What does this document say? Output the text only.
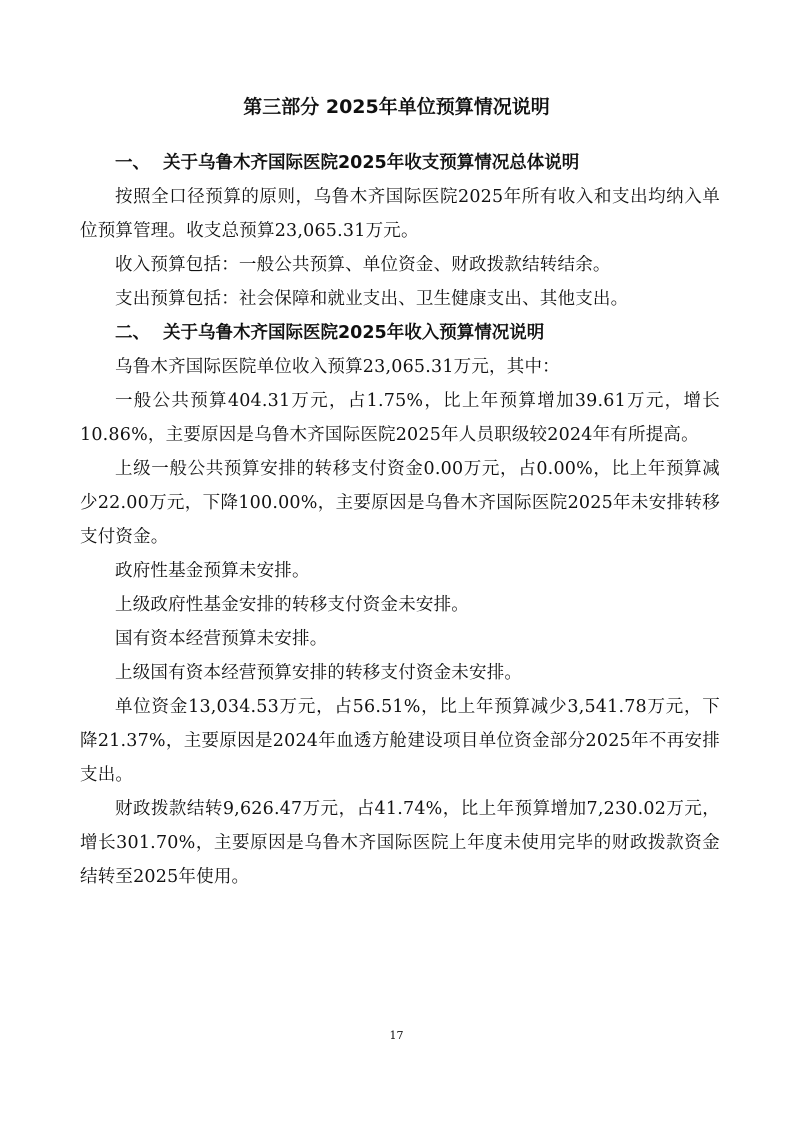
第三部分 2025年单位预算情况说明
一、 关于乌鲁木齐国际医院2025年收支预算情况总体说明

按照全口径预算的原则，乌鲁木齐国际医院2025年所有收入和支出均纳入单位预算管理。收支总预算23,065.31万元。

收入预算包括：一般公共预算、单位资金、财政拨款结转结余。

支出预算包括：社会保障和就业支出、卫生健康支出、其他支出。

二、 关于乌鲁木齐国际医院2025年收入预算情况说明

乌鲁木齐国际医院单位收入预算23,065.31万元，其中：

一般公共预算404.31万元，占1.75%，比上年预算增加39.61万元，增长10.86%，主要原因是乌鲁木齐国际医院2025年人员职级较2024年有所提高。

上级一般公共预算安排的转移支付资金0.00万元，占0.00%，比上年预算减少22.00万元，下降100.00%，主要原因是乌鲁木齐国际医院2025年未安排转移支付资金。

政府性基金预算未安排。

上级政府性基金安排的转移支付资金未安排。

国有资本经营预算未安排。

上级国有资本经营预算安排的转移支付资金未安排。

单位资金13,034.53万元，占56.51%，比上年预算减少3,541.78万元，下降21.37%，主要原因是2024年血透方舱建设项目单位资金部分2025年不再安排支出。

财政拨款结转9,626.47万元，占41.74%，比上年预算增加7,230.02万元，增长301.70%，主要原因是乌鲁木齐国际医院上年度未使用完毕的财政拨款资金结转至2025年使用。

17
